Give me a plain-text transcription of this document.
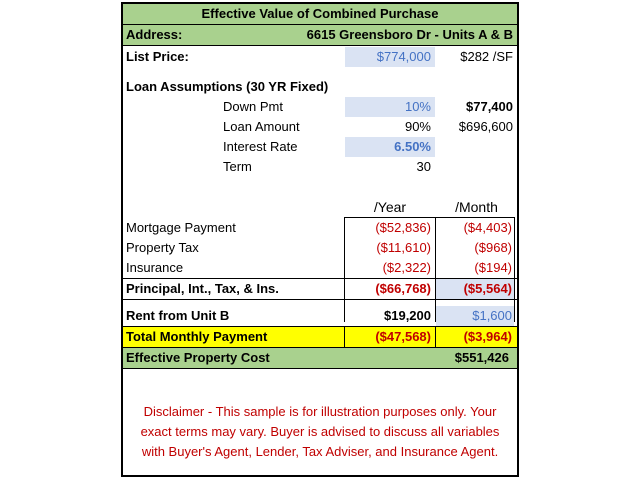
Effective Value of Combined Purchase
Address:	6615 Greensboro Dr - Units A & B
List Price:	$774,000	$282 /SF
Loan Assumptions (30 YR Fixed)
Down Pmt	10%	$77,400
Loan Amount	90%	$696,600
Interest Rate	6.50%
Term	30
/Year	/Month
Mortgage Payment	($52,836)	($4,403)
Property Tax	($11,610)	($968)
Insurance	($2,322)	($194)
Principal, Int., Tax, & Ins.	($66,768)	($5,564)
Rent from Unit B	$19,200	$1,600
Total Monthly Payment	($47,568)	($3,964)
Effective Property Cost	$551,426
Disclaimer - This sample is for illustration purposes only. Your
exact terms may vary. Buyer is advised to discuss all variables
with Buyer's Agent, Lender, Tax Adviser, and Insurance Agent.
